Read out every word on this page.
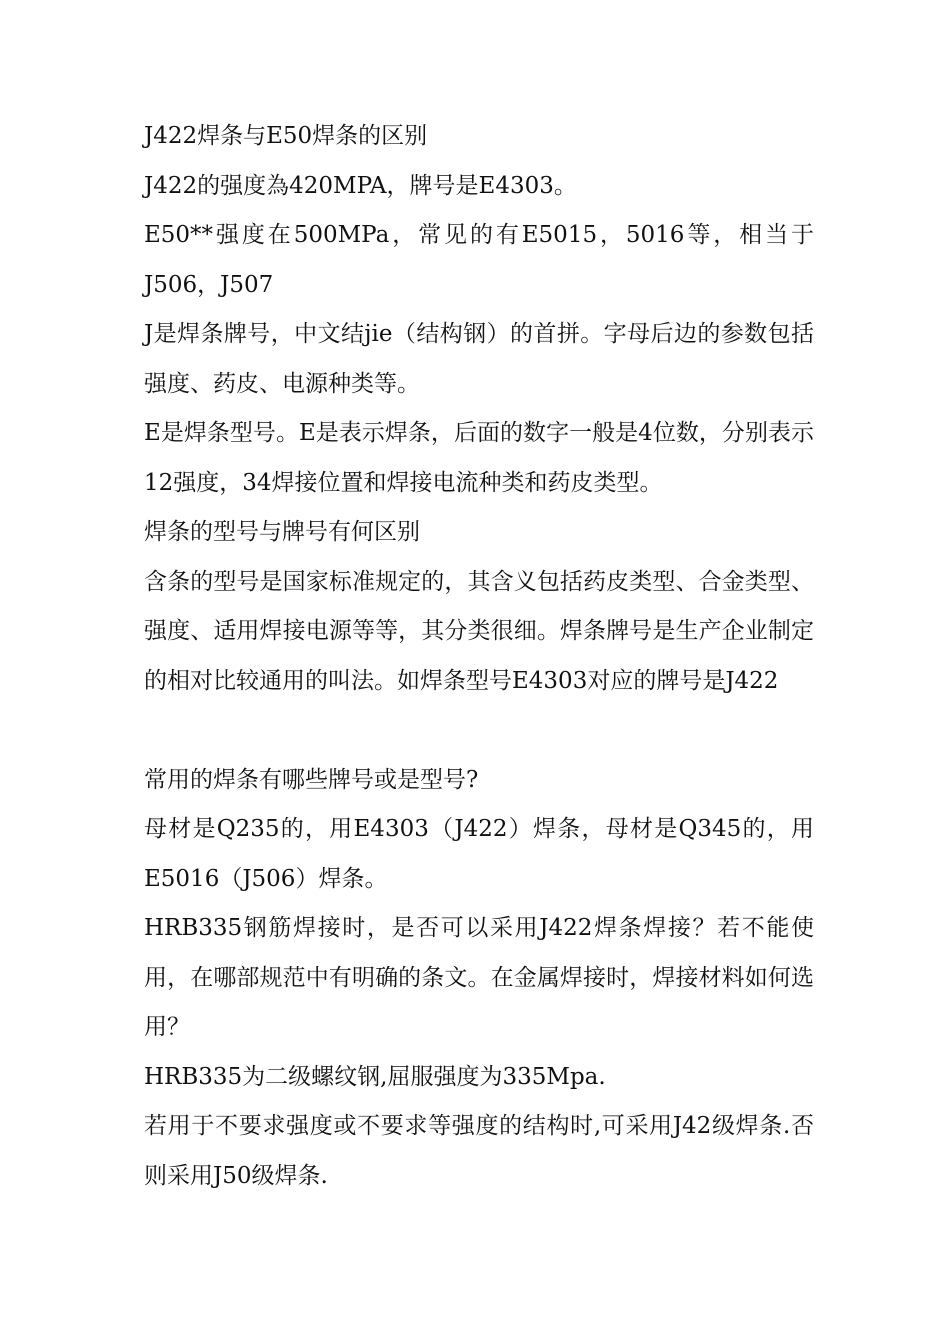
J422焊条与E50焊条的区别

J422的强度為420MPA，牌号是E4303。

E50**强度在500MPa，常见的有E5015，5016等，相当于J506，J507

J是焊条牌号，中文结jie（结构钢）的首拼。字母后边的参数包括强度、药皮、电源种类等。

E是焊条型号。E是表示焊条，后面的数字一般是4位数，分别表示12强度，34焊接位置和焊接电流种类和药皮类型。

焊条的型号与牌号有何区别

含条的型号是国家标准规定的，其含义包括药皮类型、合金类型、强度、适用焊接电源等等，其分类很细。焊条牌号是生产企业制定的相对比较通用的叫法。如焊条型号E4303对应的牌号是J422

常用的焊条有哪些牌号或是型号?

母材是Q235的，用E4303（J422）焊条，母材是Q345的，用E5016（J506）焊条。

HRB335钢筋焊接时，是否可以采用J422焊条焊接？若不能使用，在哪部规范中有明确的条文。在金属焊接时，焊接材料如何选用？

HRB335为二级螺纹钢,屈服强度为335Mpa.

若用于不要求强度或不要求等强度的结构时,可采用J42级焊条.否则采用J50级焊条.
